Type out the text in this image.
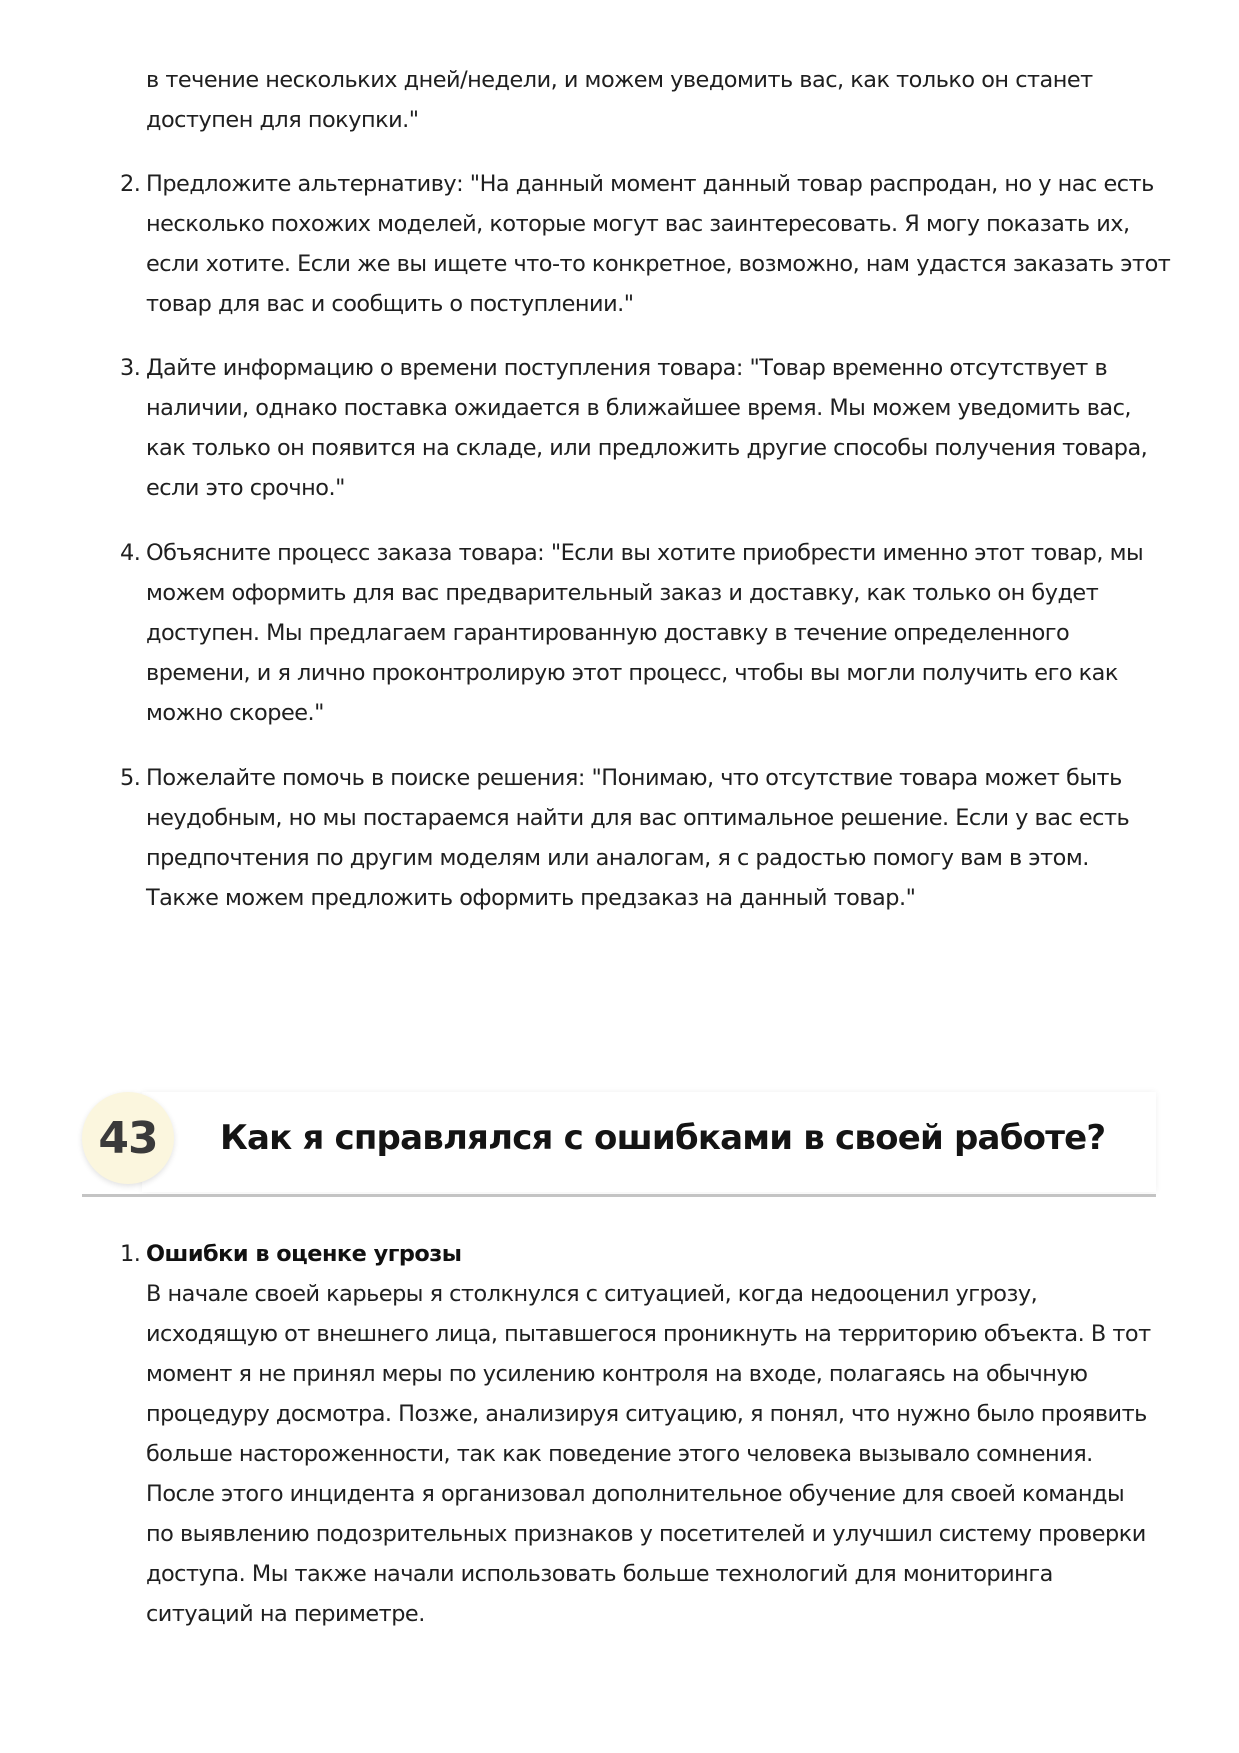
в течение нескольких дней/недели, и можем уведомить вас, как только он станет
доступен для покупки."
2. Предложите альтернативу: "На данный момент данный товар распродан, но у нас есть
несколько похожих моделей, которые могут вас заинтересовать. Я могу показать их,
если хотите. Если же вы ищете что-то конкретное, возможно, нам удастся заказать этот
товар для вас и сообщить о поступлении."
3. Дайте информацию о времени поступления товара: "Товар временно отсутствует в
наличии, однако поставка ожидается в ближайшее время. Мы можем уведомить вас,
как только он появится на складе, или предложить другие способы получения товара,
если это срочно."
4. Объясните процесс заказа товара: "Если вы хотите приобрести именно этот товар, мы
можем оформить для вас предварительный заказ и доставку, как только он будет
доступен. Мы предлагаем гарантированную доставку в течение определенного
времени, и я лично проконтролирую этот процесс, чтобы вы могли получить его как
можно скорее."
5. Пожелайте помочь в поиске решения: "Понимаю, что отсутствие товара может быть
неудобным, но мы постараемся найти для вас оптимальное решение. Если у вас есть
предпочтения по другим моделям или аналогам, я с радостью помогу вам в этом.
Также можем предложить оформить предзаказ на данный товар."
43	Как я справлялся с ошибками в своей работе?
1. Ошибки в оценке угрозы
В начале своей карьеры я столкнулся с ситуацией, когда недооценил угрозу,
исходящую от внешнего лица, пытавшегося проникнуть на территорию объекта. В тот
момент я не принял меры по усилению контроля на входе, полагаясь на обычную
процедуру досмотра. Позже, анализируя ситуацию, я понял, что нужно было проявить
больше настороженности, так как поведение этого человека вызывало сомнения.
После этого инцидента я организовал дополнительное обучение для своей команды
по выявлению подозрительных признаков у посетителей и улучшил систему проверки
доступа. Мы также начали использовать больше технологий для мониторинга
ситуаций на периметре.
